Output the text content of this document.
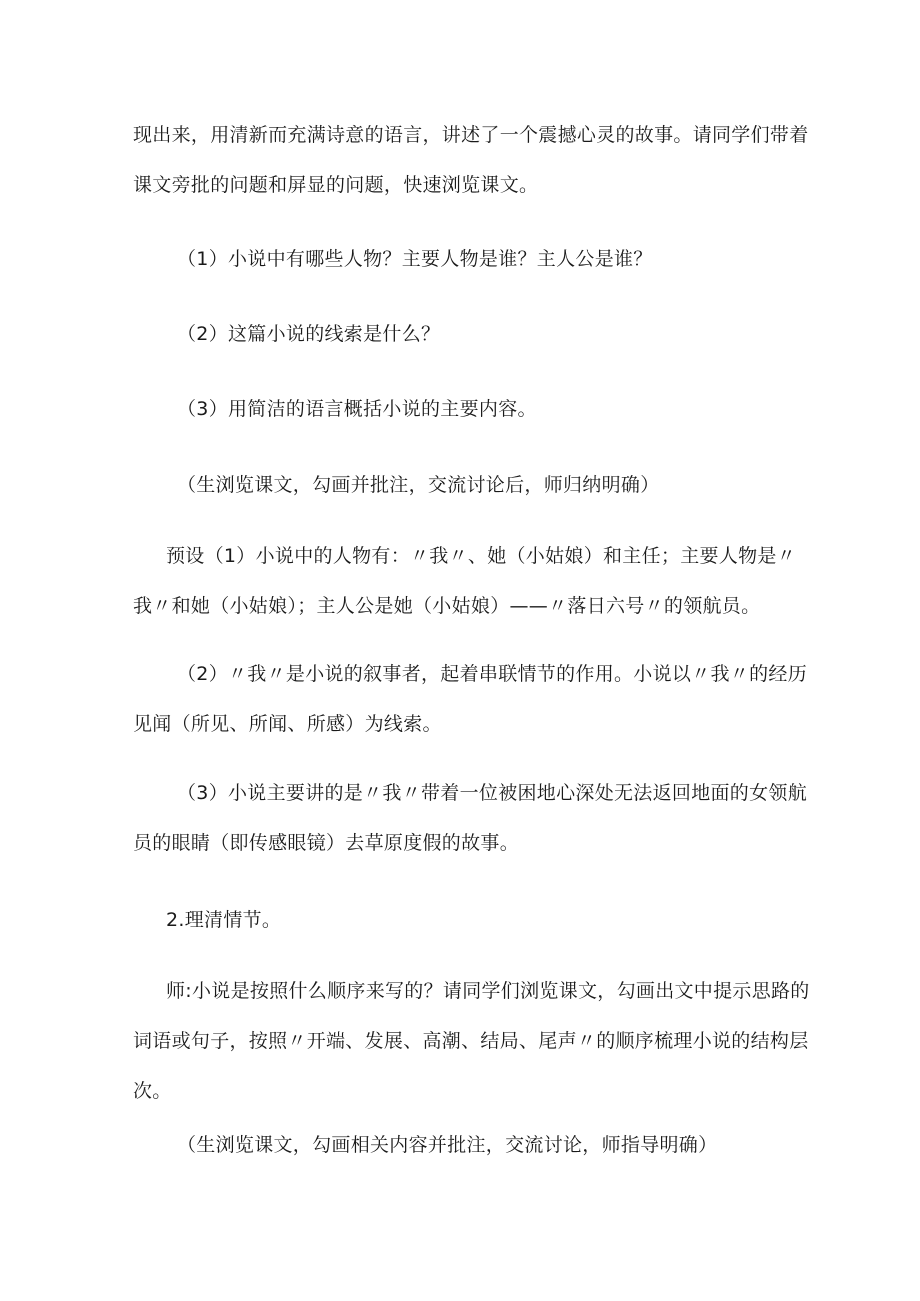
现出来，用清新而充满诗意的语言，讲述了一个震撼心灵的故事。请同学们带着
课文旁批的问题和屏显的问题，快速浏览课文。
（1）小说中有哪些人物？主要人物是谁？主人公是谁？
（2）这篇小说的线索是什么？
（3）用简洁的语言概括小说的主要内容。
（生浏览课文，勾画并批注，交流讨论后，师归纳明确）
预设（1）小说中的人物有：〃我〃、她（小姑娘）和主任；主要人物是〃
我〃和她（小姑娘）；主人公是她（小姑娘）——〃落日六号〃的领航员。
（2）〃我〃是小说的叙事者，起着串联情节的作用。小说以〃我〃的经历
见闻（所见、所闻、所感）为线索。
（3）小说主要讲的是〃我〃带着一位被困地心深处无法返回地面的女领航
员的眼睛（即传感眼镜）去草原度假的故事。
2.理清情节。
师:小说是按照什么顺序来写的？请同学们浏览课文，勾画出文中提示思路的
词语或句子，按照〃开端、发展、高潮、结局、尾声〃的顺序梳理小说的结构层
次。
（生浏览课文，勾画相关内容并批注，交流讨论，师指导明确）
